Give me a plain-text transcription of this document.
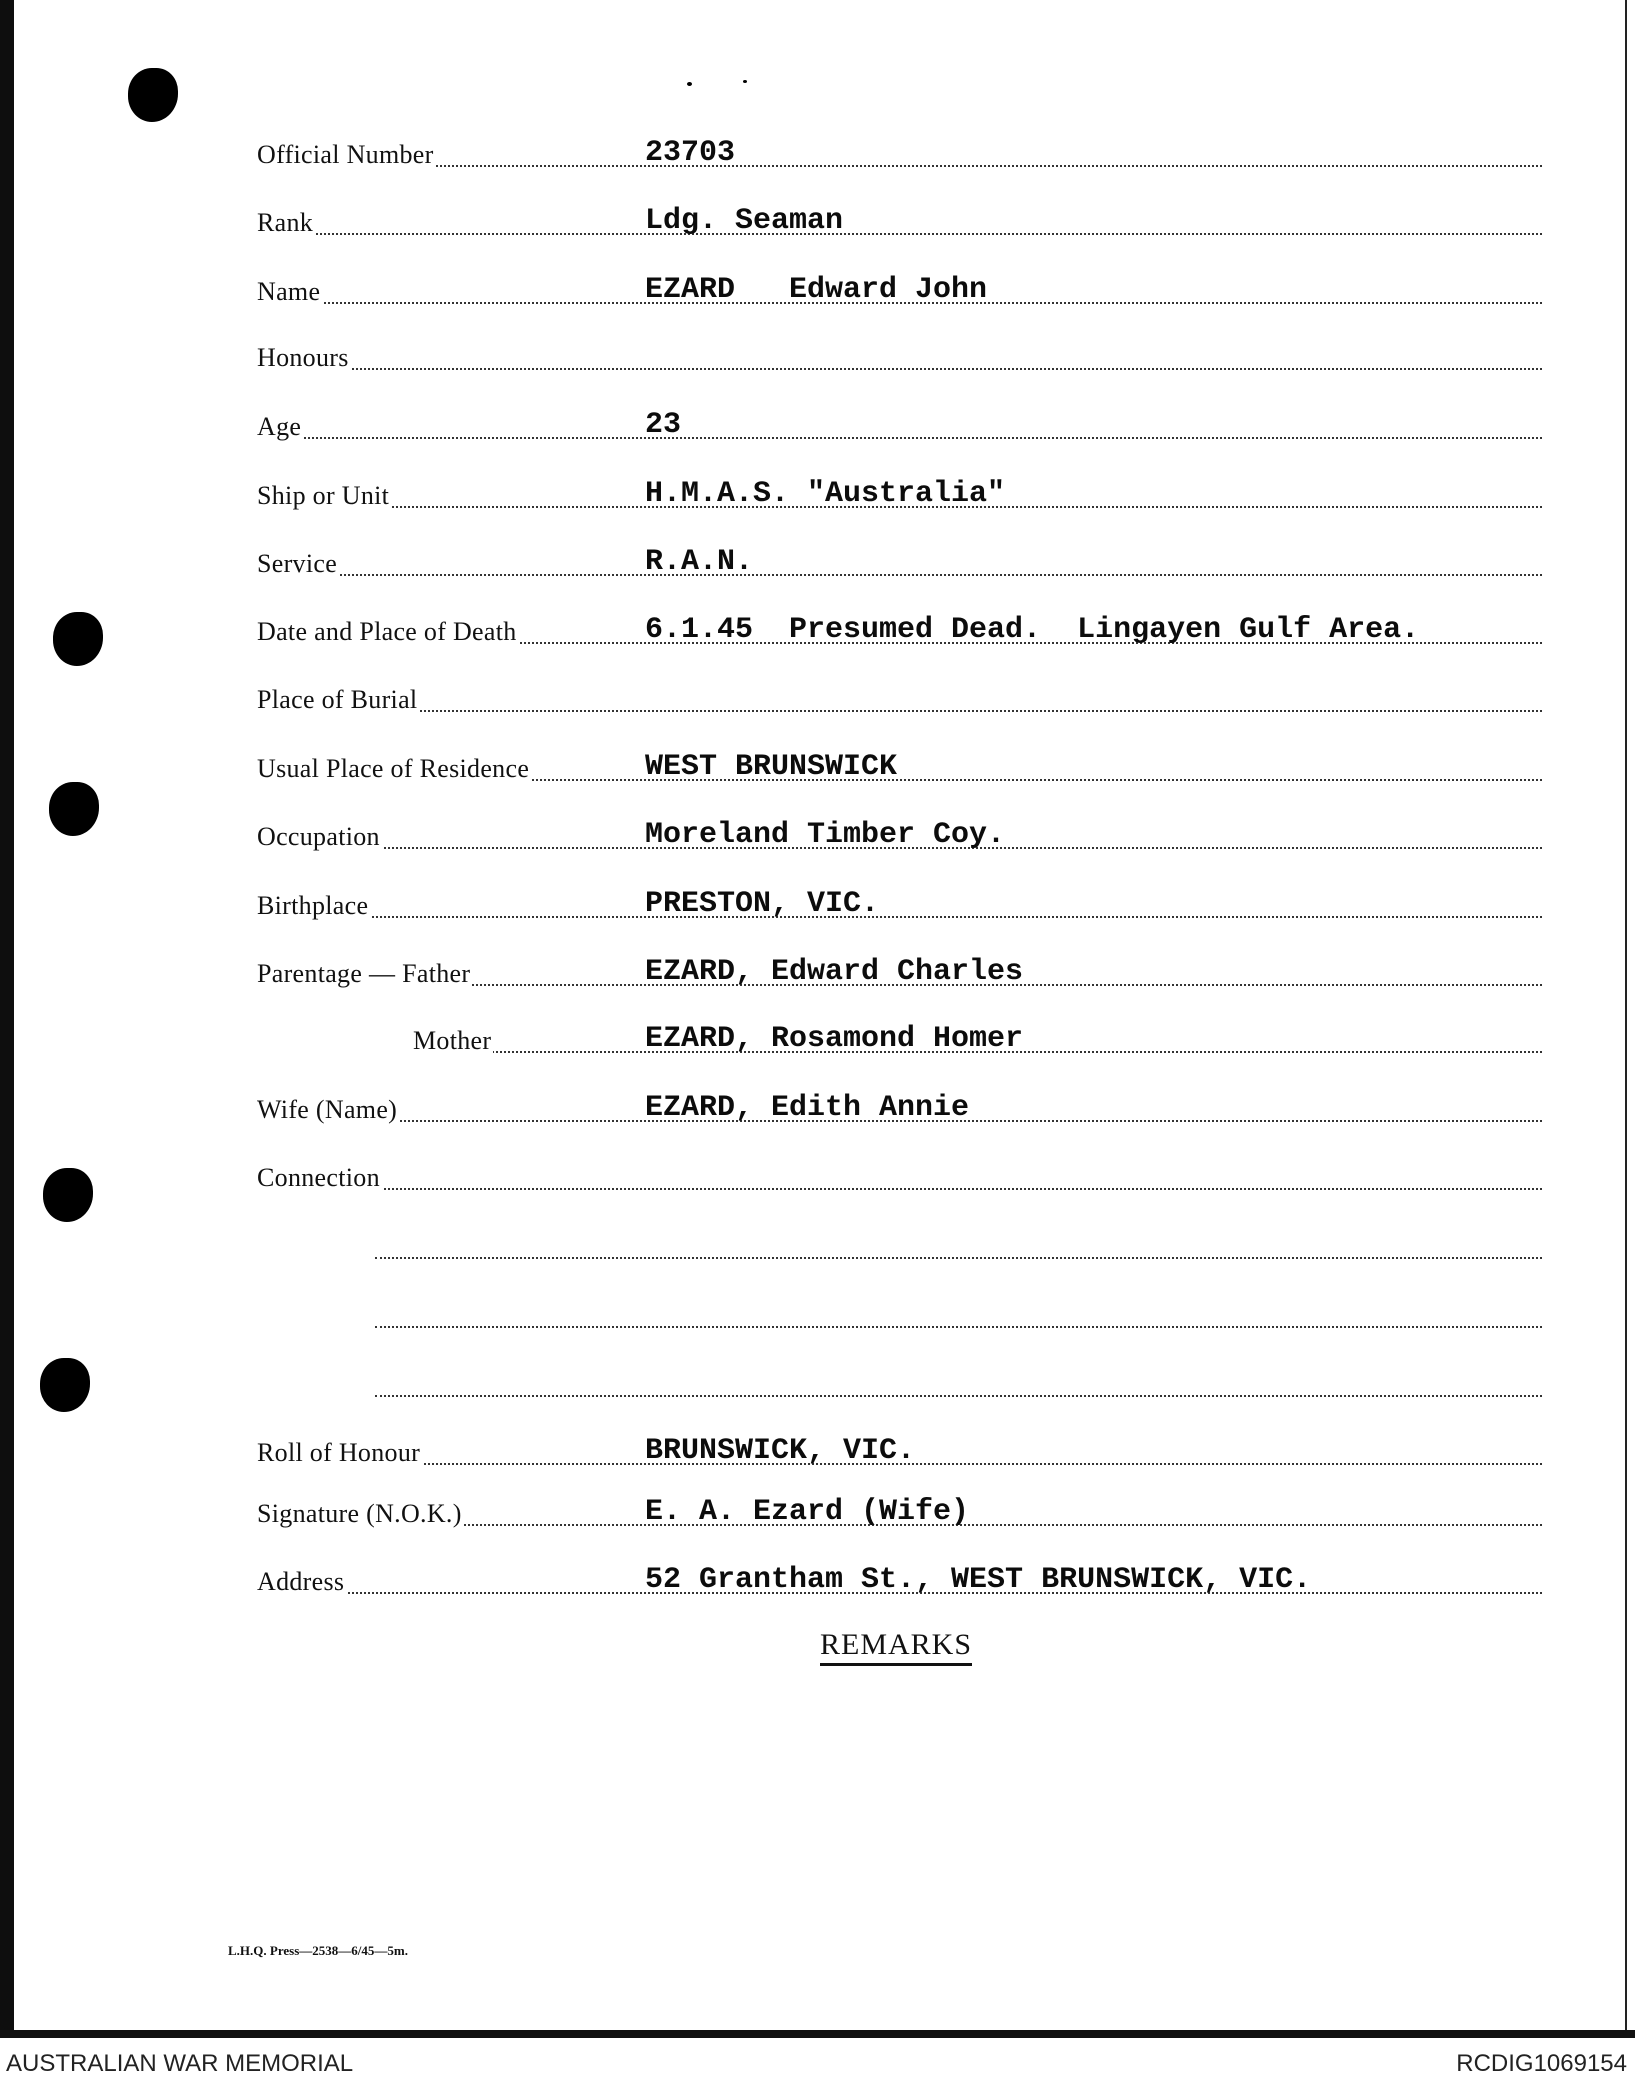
Official Number	23703
Rank	Ldg. Seaman
Name	EZARD   Edward John
Honours
Age	23
Ship or Unit	H.M.A.S. "Australia"
Service	R.A.N.
Date and Place of Death	6.1.45  Presumed Dead.  Lingayen Gulf Area.
Place of Burial
Usual Place of Residence	WEST BRUNSWICK
Occupation	Moreland Timber Coy.
Birthplace	PRESTON, VIC.
Parentage — Father	EZARD, Edward Charles
Mother	EZARD, Rosamond Homer
Wife (Name)	EZARD, Edith Annie
Connection
Roll of Honour	BRUNSWICK, VIC.
Signature (N.O.K.)	E. A. Ezard (Wife)
Address	52 Grantham St., WEST BRUNSWICK, VIC.
REMARKS
L.H.Q. Press—2538—6/45—5m.
AUSTRALIAN WAR MEMORIAL	RCDIG1069154
